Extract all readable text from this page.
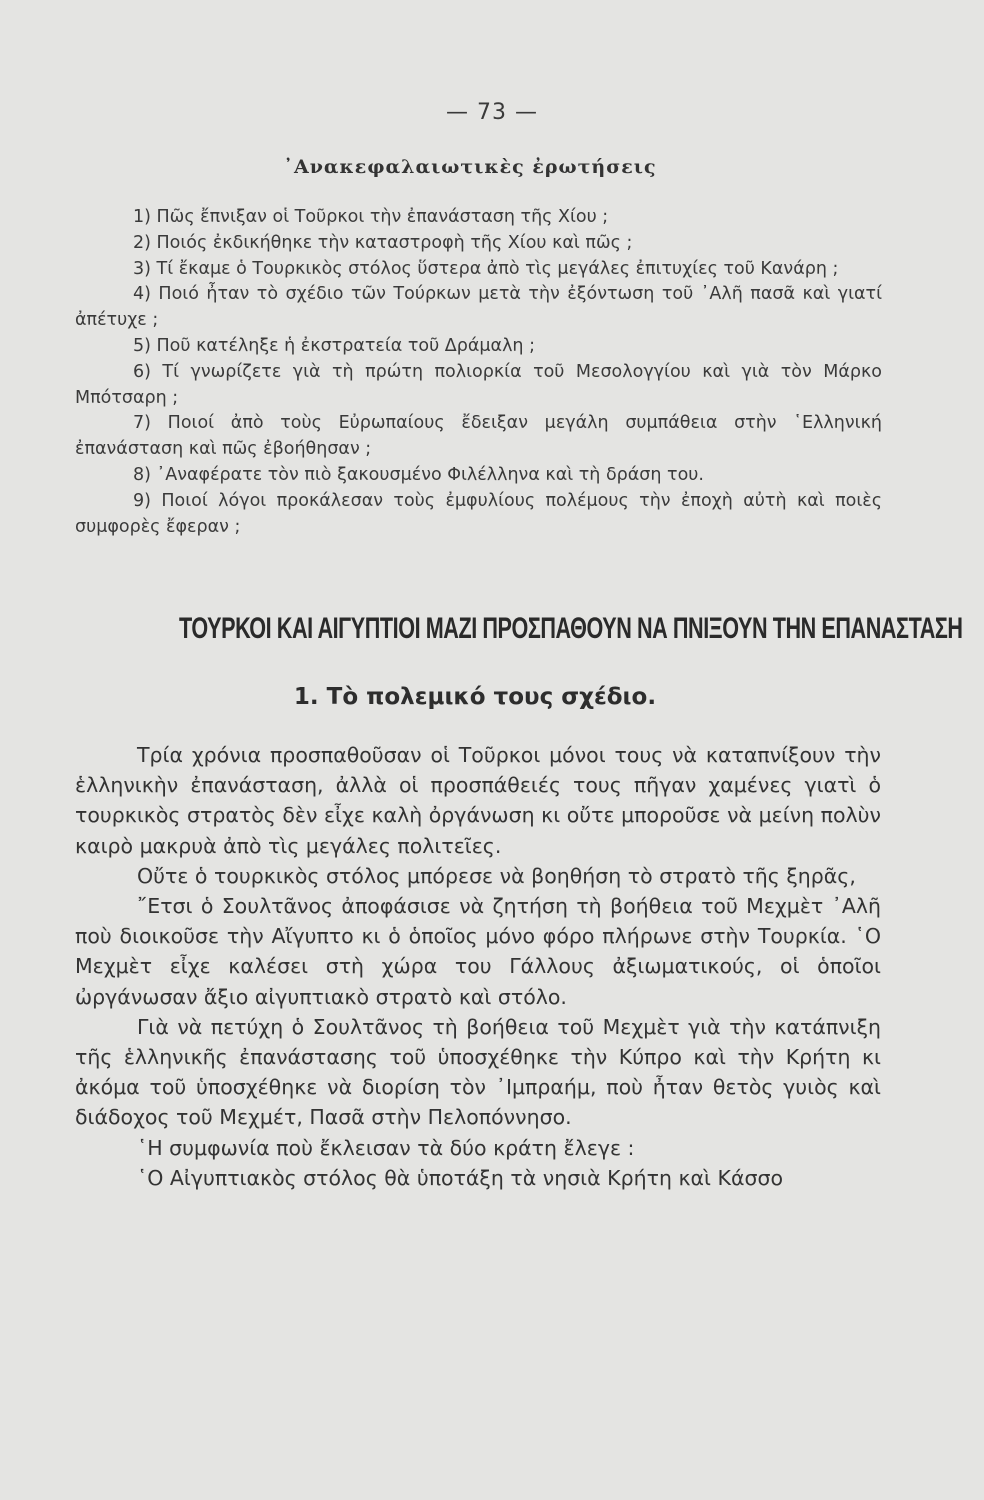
— 73 —
᾿Ανακεφαλαιωτικὲς ἐρωτήσεις

1) Πῶς ἔπνιξαν οἱ Τοῦρκοι τὴν ἐπανάσταση τῆς Χίου ;

2) Ποιός ἐκδικήθηκε τὴν καταστροφὴ τῆς Χίου καὶ πῶς ;

3) Τί ἔκαμε ὁ Τουρκικὸς στόλος ὕστερα ἀπὸ τὶς μεγάλες ἐπιτυχίες τοῦ Κανάρη ;

4) Ποιό ἦταν τὸ σχέδιο τῶν Τούρκων μετὰ τὴν ἐξόντωση τοῦ ᾿Αλῆ πασᾶ καὶ γιατί ἀπέτυχε ;

5) Ποῦ κατέληξε ἡ ἐκστρατεία τοῦ Δράμαλη ;

6) Τί γνωρίζετε γιὰ τὴ πρώτη πολιορκία τοῦ Μεσολογγίου καὶ γιὰ τὸν Μάρκο Μπότσαρη ;

7) Ποιοί ἀπὸ τοὺς Εὐρωπαίους ἔδειξαν μεγάλη συμπάθεια στὴν ῾Ελληνική ἐπανάσταση καὶ πῶς ἐβοήθησαν ;

8) ᾿Αναφέρατε τὸν πιὸ ξακουσμένο Φιλέλληνα καὶ τὴ δράση του.

9) Ποιοί λόγοι προκάλεσαν τοὺς ἐμφυλίους πολέμους τὴν ἐποχὴ αὐτὴ καὶ ποιὲς συμφορὲς ἔφεραν ;

ΤΟΥΡΚΟΙ ΚΑΙ ΑΙΓΥΠΤΙΟΙ ΜΑΖΙ ΠΡΟΣΠΑΘΟΥΝ ΝΑ ΠΝΙΞΟΥΝ ΤΗΝ ΕΠΑΝΑΣΤΑΣΗ
1. Τὸ πολεμικό τους σχέδιο.

Τρία χρόνια προσπαθοῦσαν οἱ Τοῦρκοι μόνοι τους νὰ καταπνίξουν τὴν ἑλληνικὴν ἐπανάσταση, ἀλλὰ οἱ προσπάθειές τους πῆγαν χαμένες γιατὶ ὁ τουρκικὸς στρατὸς δὲν εἶχε καλὴ ὀργάνωση κι οὔτε μποροῦσε νὰ μείνη πολὺν καιρὸ μακρυὰ ἀπὸ τὶς μεγάλες πολιτεῖες.

Οὔτε ὁ τουρκικὸς στόλος μπόρεσε νὰ βοηθήση τὸ στρατὸ τῆς ξηρᾶς,

῎Ετσι ὁ Σουλτᾶνος ἀποφάσισε νὰ ζητήση τὴ βοήθεια τοῦ Μεχμὲτ ᾿Αλῆ ποὺ διοικοῦσε τὴν Αἴγυπτο κι ὁ ὁποῖος μόνο φόρο πλήρωνε στὴν Τουρκία. ῾Ο Μεχμὲτ εἶχε καλέσει στὴ χώρα του Γάλλους ἀξιωματικούς, οἱ ὁποῖοι ὠργάνωσαν ἄξιο αἰγυπτιακὸ στρατὸ καὶ στόλο.

Γιὰ νὰ πετύχη ὁ Σουλτᾶνος τὴ βοήθεια τοῦ Μεχμὲτ γιὰ τὴν κατάπνιξη τῆς ἑλληνικῆς ἐπανάστασης τοῦ ὑποσχέθηκε τὴν Κύπρο καὶ τὴν Κρήτη κι ἀκόμα τοῦ ὑποσχέθηκε νὰ διορίση τὸν ᾿Ιμπραήμ, ποὺ ἦταν θετὸς γυιὸς καὶ διάδοχος τοῦ Μεχμέτ, Πασᾶ στὴν Πελοπόννησο.

῾Η συμφωνία ποὺ ἔκλεισαν τὰ δύο κράτη ἔλεγε :

῾Ο Αἰγυπτιακὸς στόλος θὰ ὑποτάξη τὰ νησιὰ Κρήτη καὶ Κάσσο
